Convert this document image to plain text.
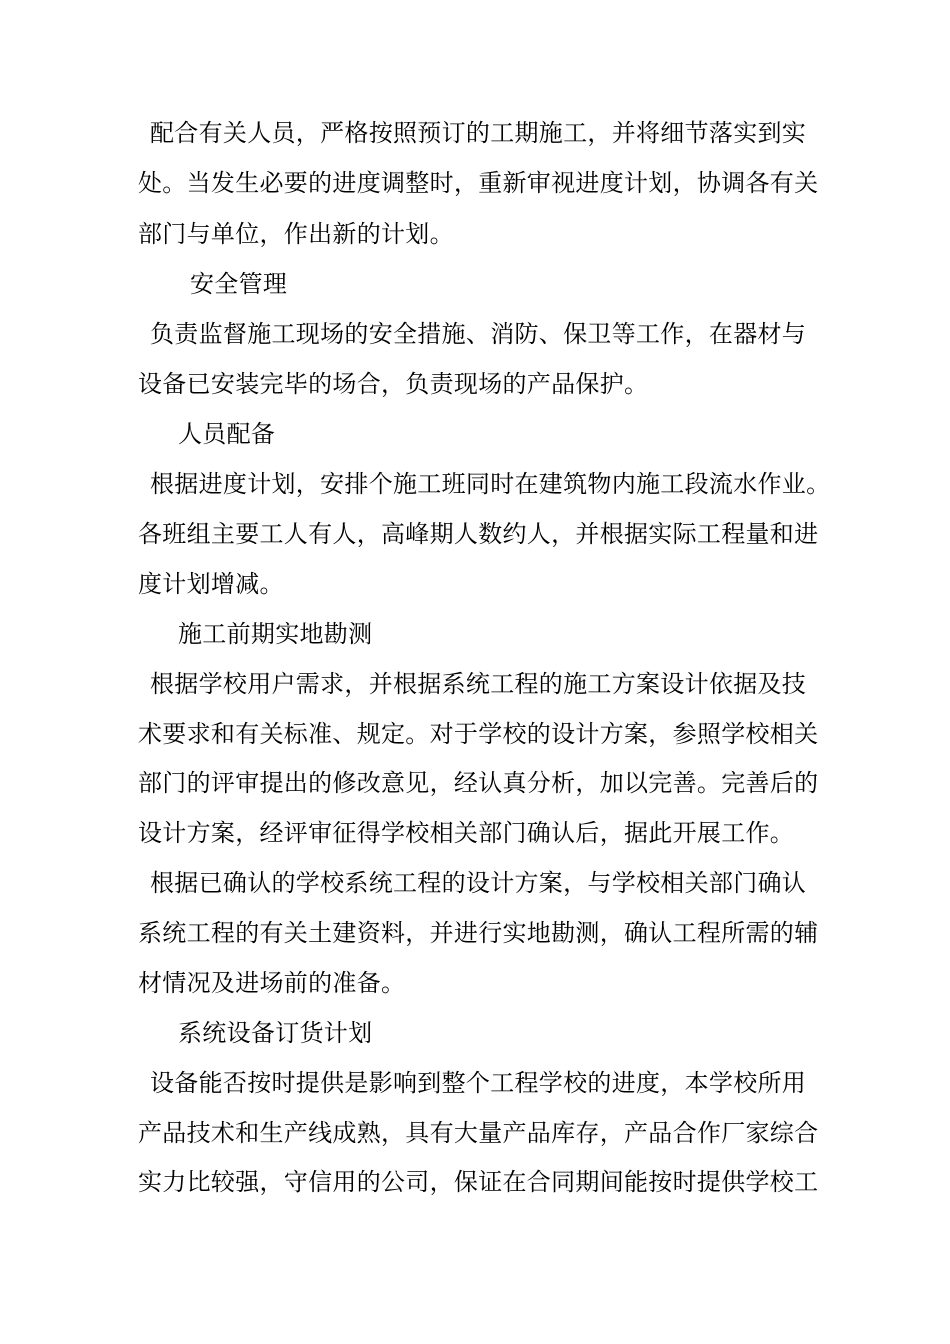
配合有关人员，严格按照预订的工期施工，并将细节落实到实
处。当发生必要的进度调整时，重新审视进度计划，协调各有关
部门与单位，作出新的计划。
安全管理
负责监督施工现场的安全措施、消防、保卫等工作，在器材与
设备已安装完毕的场合，负责现场的产品保护。
人员配备
根据进度计划，安排个施工班同时在建筑物内施工段流水作业。
各班组主要工人有人，高峰期人数约人，并根据实际工程量和进
度计划增减。
施工前期实地勘测
根据学校用户需求，并根据系统工程的施工方案设计依据及技
术要求和有关标准、规定。对于学校的设计方案，参照学校相关
部门的评审提出的修改意见，经认真分析，加以完善。完善后的
设计方案，经评审征得学校相关部门确认后，据此开展工作。
根据已确认的学校系统工程的设计方案，与学校相关部门确认
系统工程的有关土建资料，并进行实地勘测，确认工程所需的辅
材情况及进场前的准备。
系统设备订货计划
设备能否按时提供是影响到整个工程学校的进度，本学校所用
产品技术和生产线成熟，具有大量产品库存，产品合作厂家综合
实力比较强，守信用的公司，保证在合同期间能按时提供学校工
